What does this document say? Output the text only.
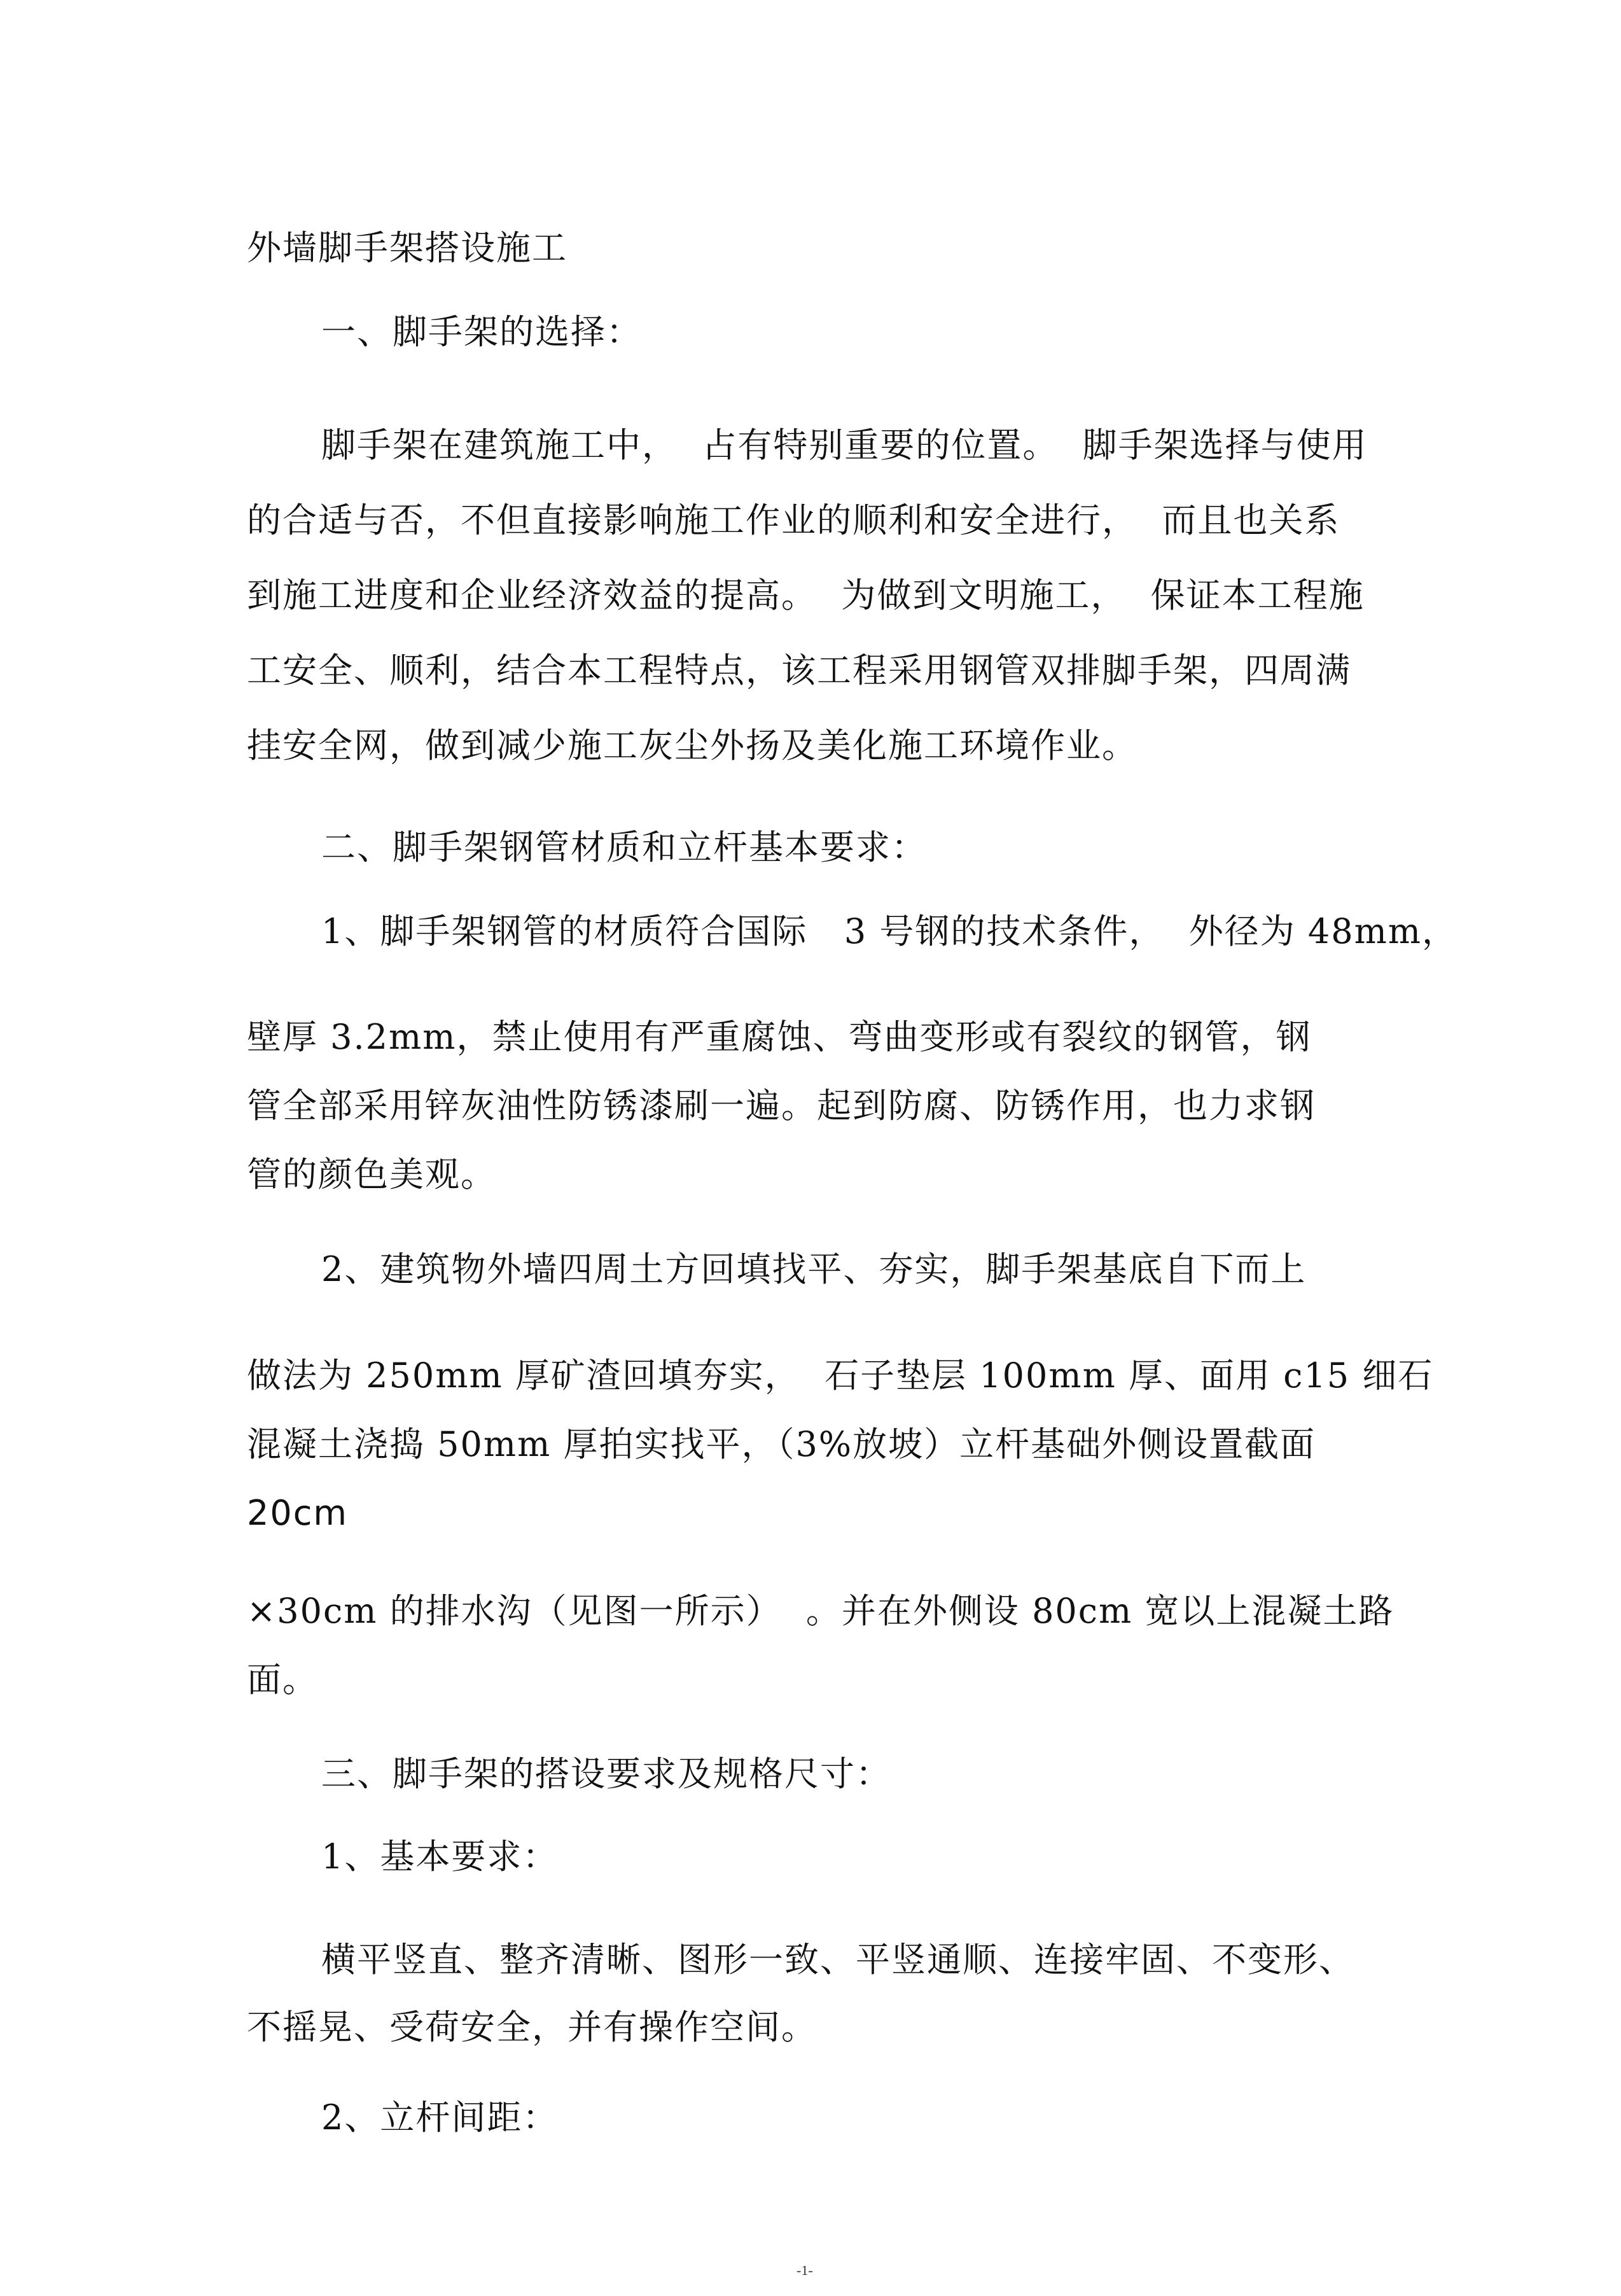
外墙脚手架搭设施工
一、脚手架的选择：
脚手架在建筑施工中，  占有特别重要的位置。  脚手架选择与使用
的合适与否，不但直接影响施工作业的顺利和安全进行，  而且也关系
到施工进度和企业经济效益的提高。  为做到文明施工，  保证本工程施
工安全、顺利，结合本工程特点，该工程采用钢管双排脚手架，四周满
挂安全网，做到减少施工灰尘外扬及美化施工环境作业。
二、脚手架钢管材质和立杆基本要求：
1、脚手架钢管的材质符合国际   3 号钢的技术条件，  外径为 48mm，
壁厚 3.2mm，禁止使用有严重腐蚀、弯曲变形或有裂纹的钢管，钢
管全部采用锌灰油性防锈漆刷一遍。起到防腐、防锈作用，也力求钢
管的颜色美观。
2、建筑物外墙四周土方回填找平、夯实，脚手架基底自下而上
做法为 250mm 厚矿渣回填夯实，  石子垫层 100mm 厚、面用 c15 细石
混凝土浇捣 50mm 厚拍实找平，（3%放坡）立杆基础外侧设置截面
20cm
×30cm 的排水沟（见图一所示）  。并在外侧设 80cm 宽以上混凝土路
面。
三、脚手架的搭设要求及规格尺寸：
1、基本要求：
横平竖直、整齐清晰、图形一致、平竖通顺、连接牢固、不变形、
不摇晃、受荷安全，并有操作空间。
2、立杆间距：
-1-
